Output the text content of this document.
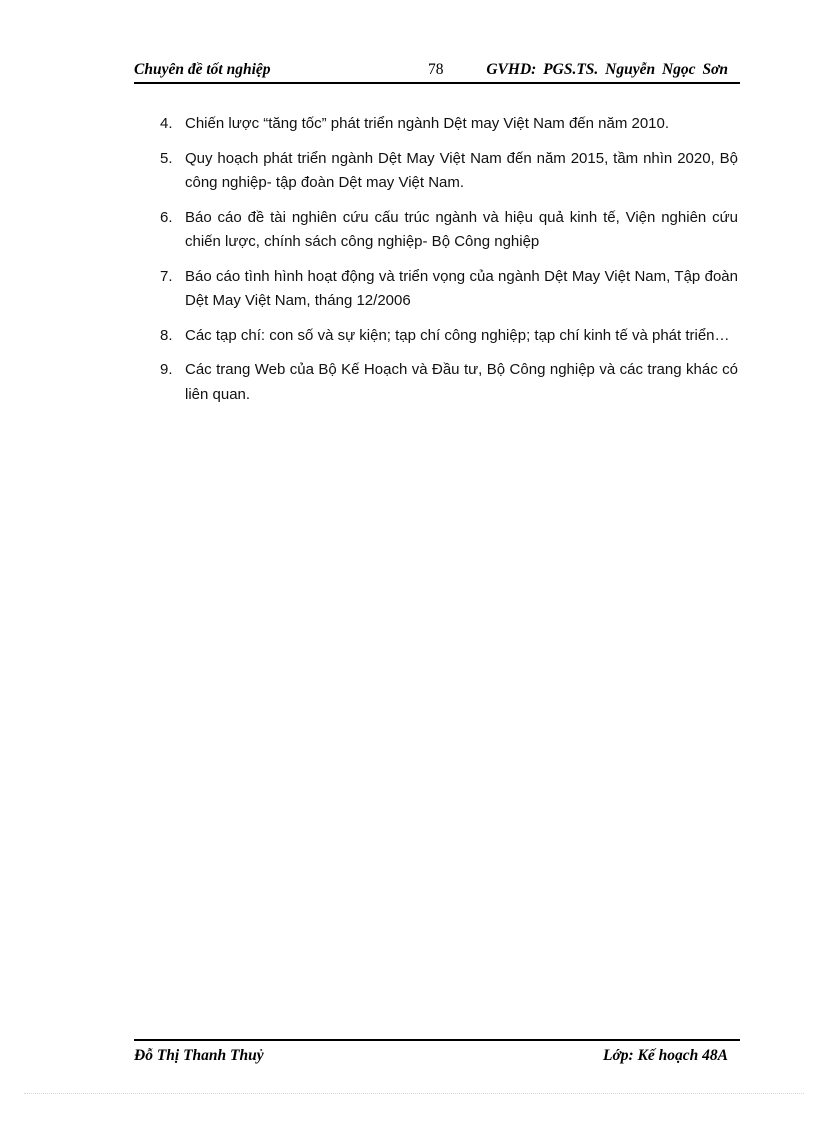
Chuyên đề tốt nghiệp	78	GVHD: PGS.TS. Nguyễn Ngọc Sơn
4. Chiến lược “tăng tốc” phát triển ngành Dệt may Việt Nam đến năm 2010.
5. Quy hoạch phát triển ngành Dệt May Việt Nam đến năm 2015, tầm nhìn 2020, Bộ công nghiệp- tập đoàn Dệt may Việt Nam.
6. Báo cáo đề tài nghiên cứu cấu trúc ngành và hiệu quả kinh tế, Viện nghiên cứu chiến lược, chính sách công nghiệp- Bộ Công nghiệp
7. Báo cáo tình hình hoạt động và triển vọng của ngành Dệt May Việt Nam, Tập đoàn Dệt May Việt Nam, tháng 12/2006
8. Các tạp chí: con số và sự kiện; tạp chí công nghiệp; tạp chí kinh tế và phát triển…
9. Các trang Web của Bộ Kế Hoạch và Đầu tư, Bộ Công nghiệp và các trang khác có liên quan.
Đỗ Thị Thanh Thuỷ	Lớp: Kế hoạch 48A
